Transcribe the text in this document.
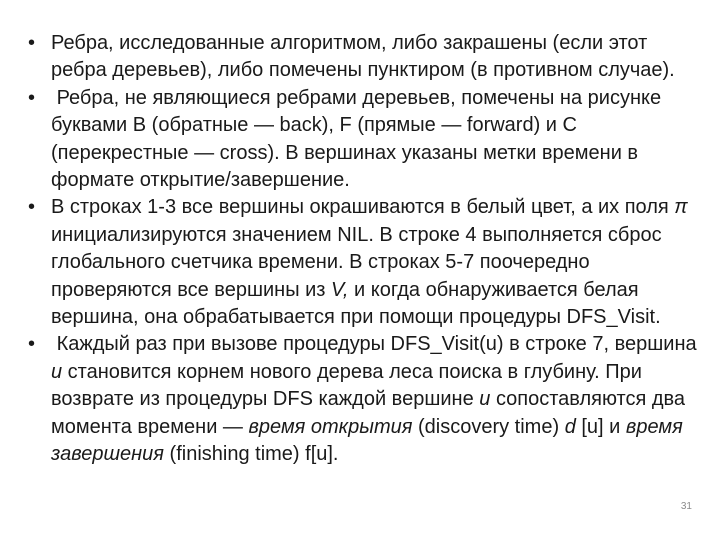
• Ребра, исследованные алгоритмом, либо закрашены (если этот ребра деревьев), либо помечены пунктиром (в противном случае).
• Ребра, не являющиеся ребрами деревьев, помечены на рисунке буквами B (обратные — back), F (прямые — forward) и C (перекрестные — cross). В вершинах указаны метки времени в формате открытие/завершение.
• В строках 1-3 все вершины окрашиваются в белый цвет, а их поля π инициализируются значением NIL. В строке 4 выполняется сброс глобального счетчика времени. В строках 5-7 поочередно проверяются все вершины из V, и когда обнаруживается белая вершина, она обрабатывается при помощи процедуры DFS_Visit.
• Каждый раз при вызове процедуры DFS_Visit(u) в строке 7, вершина u становится корнем нового дерева леса поиска в глубину. При возврате из процедуры DFS каждой вершине u сопоставляются два момента времени — время открытия (discovery time) d [u] и время завершения (finishing time) f[u].
31
